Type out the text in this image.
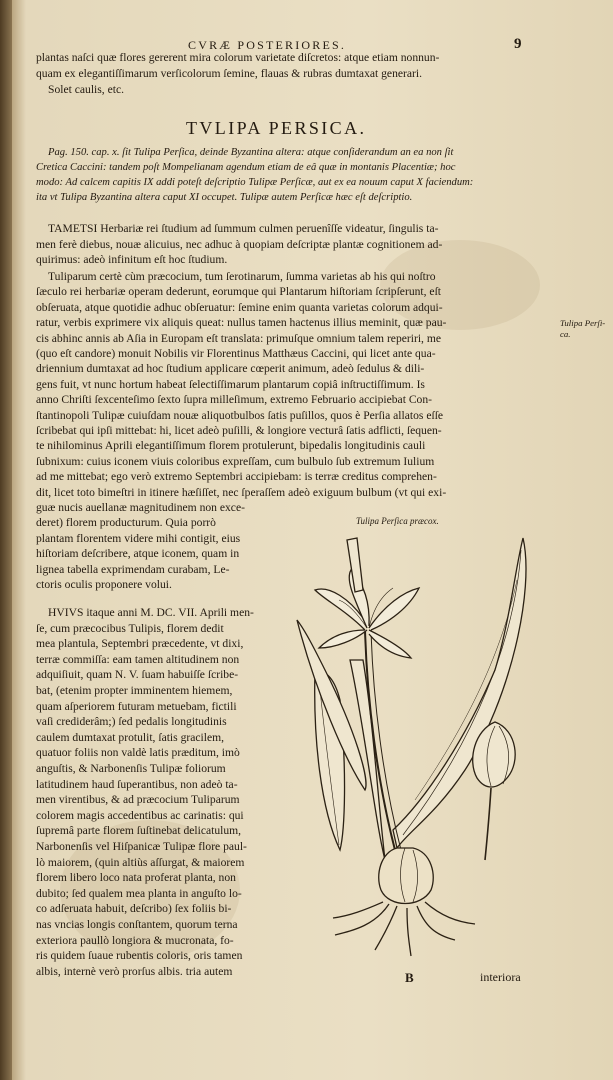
CVRÆ POSTERIORES.	9
plantas naſci quæ flores gererent mira colorum varietate diſcretos: atque etiam nonnun-
quam ex elegantiſſimarum verſicolorum ſemine, flauas & rubras dumtaxat generari.
Solet caulis, etc.
TVLIPA PERSICA.
Pag. 150. cap. x. ſit Tulipa Perſica, deinde Byzantina altera: atque conſiderandum an ea non ſit
Cretica Caccini: tandem poſt Mompelianam agendum etiam de eâ quæ in montanis Placentiæ; hoc
modo: Ad calcem capitis IX addi poteſt deſcriptio Tulipæ Perſicæ, aut ex ea nouum caput X faciendum:
ita vt Tulipa Byzantina altera caput XI occupet. Tulipæ autem Perſicæ hæc eſt deſcriptio.
TAMETSI Herbariæ rei ſtudium ad ſummum culmen peruenîſſe videatur, ſingulis ta-
men ferè diebus, nouæ alicuius, nec adhuc à quopiam deſcriptæ plantæ cognitionem ad-
quirimus: adeò infinitum eſt hoc ſtudium.
Tuliparum certè cùm præcocium, tum ſerotinarum, ſumma varietas ab his qui noſtro
ſæculo rei herbariæ operam dederunt, eorumque qui Plantarum hiſtoriam ſcripſerunt, eſt
obſeruata, atque quotidie adhuc obſeruatur: ſemine enim quanta varietas colorum adqui-
ratur, verbis exprimere vix aliquis queat: nullus tamen hactenus illius meminit, quæ pau-
cis abhinc annis ab Aſia in Europam eſt translata: primuſque omnium talem reperiri, me
(quo eſt candore) monuit Nobilis vir Florentinus Matthæus Caccini, qui licet ante qua-
driennium dumtaxat ad hoc ſtudium applicare cœperit animum, adeò ſedulus & dili-
gens fuit, vt nunc hortum habeat ſelectiſſimarum plantarum copiâ inſtructiſſimum. Is
anno Chriſti ſexcenteſimo ſexto ſupra milleſimum, extremo Februario accipiebat Con-
ſtantinopoli Tulipæ cuiuſdam nouæ aliquotbulbos ſatis puſillos, quos è Perſia allatos eſſe
ſcribebat qui ipſi mittebat: hi, licet adeò puſilli, & longiore vecturâ ſatis adflicti, ſequen-
te nihilominus Aprili elegantiſſimum florem protulerunt, bipedalis longitudinis cauli
ſubnixum: cuius iconem viuis coloribus expreſſam, cum bulbulo ſub extremum Iulium
ad me mittebat; ego verò extremo Septembri accipiebam: is terræ creditus comprehen-
dit, licet toto bimeſtri in itinere hæſiſſet, nec ſperaſſem adeò exiguum bulbum (vt qui exi-
guæ nucis auellanæ magnitudinem non exce-
deret) florem producturum. Quia porrò
plantam florentem videre mihi contigit, eius
hiſtoriam deſcribere, atque iconem, quam in
lignea tabella exprimendam curabam, Le-
ctoris oculis proponere volui.
HVIVS itaque anni M. DC. VII. Aprili men-
ſe, cum præcocibus Tulipis, florem dedit
mea plantula, Septembri præcedente, vt dixi,
terræ commiſſa: eam tamen altitudinem non
adquiſiuit, quam N. V. ſuam habuiſſe ſcribe-
bat, (etenim propter imminentem hiemem,
quam aſperiorem futuram metuebam, fictili
vaſi crediderâm;) ſed pedalis longitudinis
caulem dumtaxat protulit, ſatis gracilem,
quatuor foliis non valdè latis præditum, imò
anguſtis, & Narbonenſis Tulipæ foliorum
latitudinem haud ſuperantibus, non adeò ta-
men virentibus, & ad præcocium Tuliparum
colorem magis accedentibus ac carinatis: qui
ſupremâ parte florem ſuſtinebat delicatulum,
Narbonenſis vel Hiſpanicæ Tulipæ flore paul-
lò maiorem, (quin altiùs aſſurgat, & maiorem
florem libero loco nata proferat planta, non
dubito; ſed qualem mea planta in anguſto lo-
co adſeruata habuit, deſcribo) ſex foliis bi-
nas vncias longis conſtantem, quorum terna
exteriora paullò longiora & mucronata, fo-
ris quidem ſuaue rubentis coloris, oris tamen
albis, internè verò prorſus albis. tria autem
Tulipa Perſi-
ca.
Tulipa Perſica præcox.
B	interiora
